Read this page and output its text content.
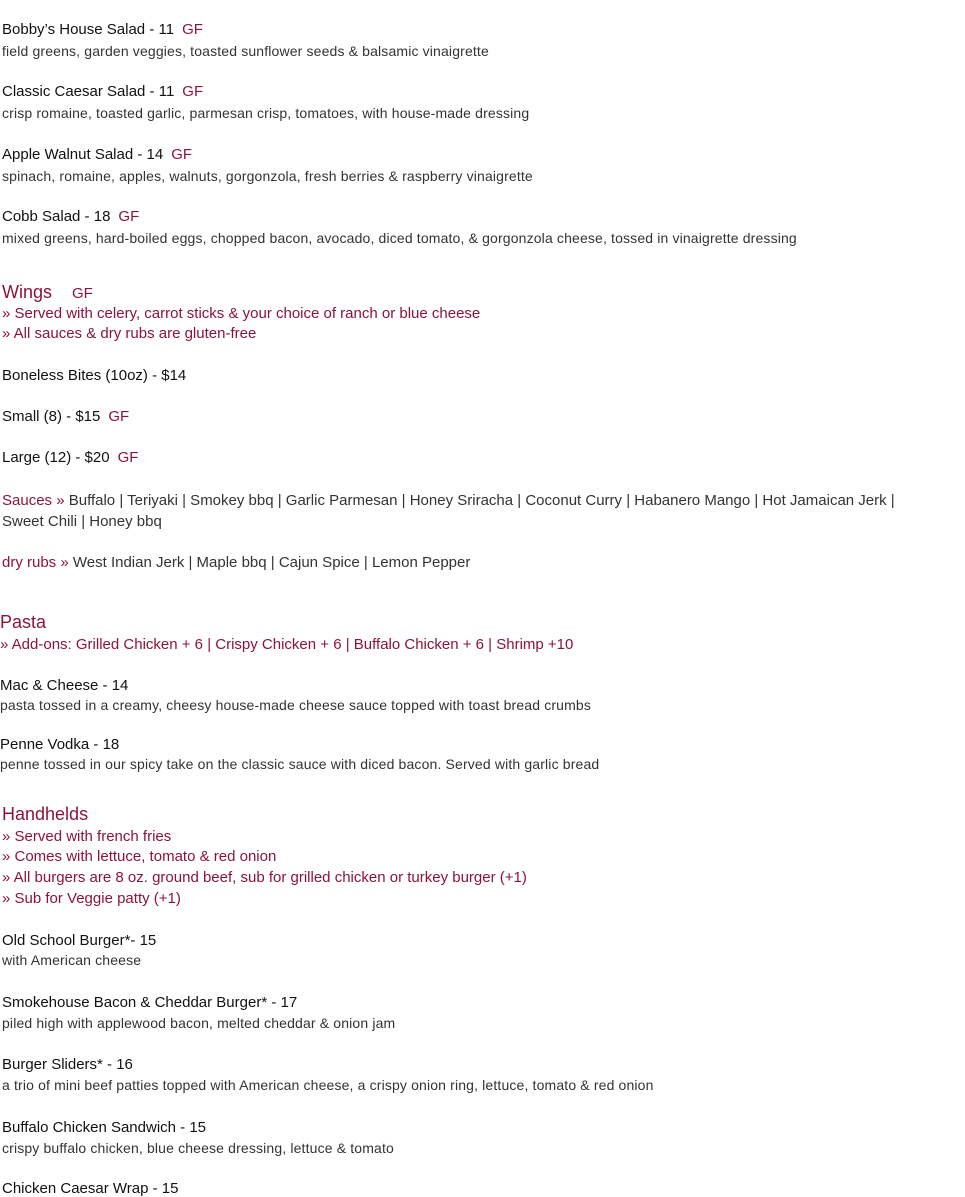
Bobby’s House Salad - 11 GF
field greens, garden veggies, toasted sunflower seeds & balsamic vinaigrette
Classic Caesar Salad - 11 GF
crisp romaine, toasted garlic, parmesan crisp, tomatoes, with house-made dressing
Apple Walnut Salad - 14 GF
spinach, romaine, apples, walnuts, gorgonzola, fresh berries & raspberry vinaigrette
Cobb Salad - 18 GF
mixed greens, hard-boiled eggs, chopped bacon, avocado, diced tomato, & gorgonzola cheese, tossed in vinaigrette dressing
Wings GF
» Served with celery, carrot sticks & your choice of ranch or blue cheese
» All sauces & dry rubs are gluten-free
Boneless Bites (10oz) - $14
Small (8) - $15 GF
Large (12) - $20 GF
Sauces » Buffalo | Teriyaki | Smokey bbq | Garlic Parmesan | Honey Sriracha | Coconut Curry | Habanero Mango | Hot Jamaican Jerk |
Sweet Chili | Honey bbq
dry rubs » West Indian Jerk | Maple bbq | Cajun Spice | Lemon Pepper
Pasta
» Add-ons: Grilled Chicken + 6 | Crispy Chicken + 6 | Buffalo Chicken + 6 | Shrimp +10
Mac & Cheese - 14
pasta tossed in a creamy, cheesy house-made cheese sauce topped with toast bread crumbs
Penne Vodka - 18
penne tossed in our spicy take on the classic sauce with diced bacon. Served with garlic bread
Handhelds
» Served with french fries
» Comes with lettuce, tomato & red onion
» All burgers are 8 oz. ground beef, sub for grilled chicken or turkey burger (+1)
» Sub for Veggie patty (+1)
Old School Burger*- 15
with American cheese
Smokehouse Bacon & Cheddar Burger* - 17
piled high with applewood bacon, melted cheddar & onion jam
Burger Sliders* - 16
a trio of mini beef patties topped with American cheese, a crispy onion ring, lettuce, tomato & red onion
Buffalo Chicken Sandwich - 15
crispy buffalo chicken, blue cheese dressing, lettuce & tomato
Chicken Caesar Wrap - 15
